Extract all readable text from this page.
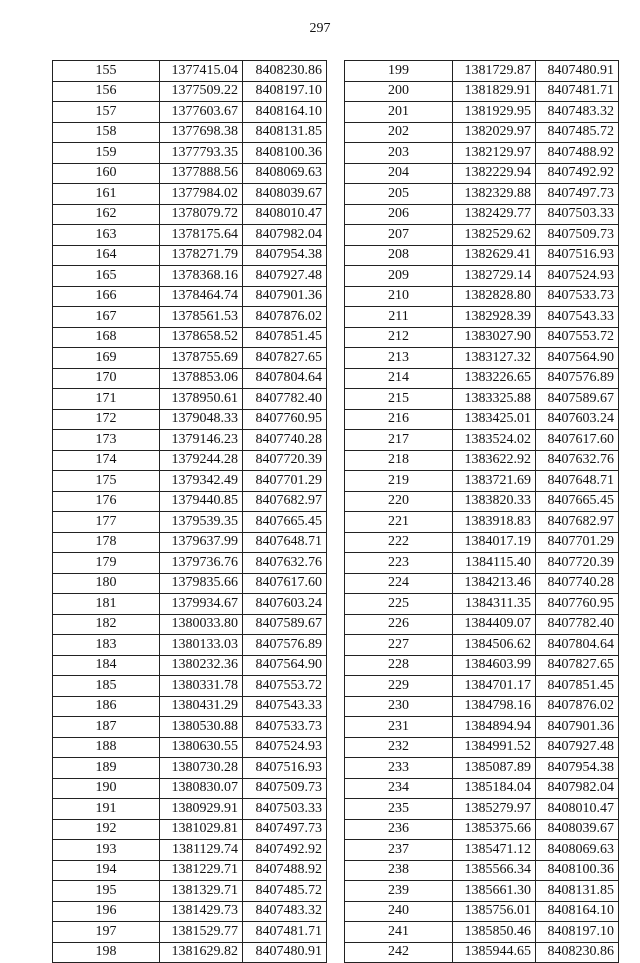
297
155	1377415.04	8408230.86
156	1377509.22	8408197.10
157	1377603.67	8408164.10
158	1377698.38	8408131.85
159	1377793.35	8408100.36
160	1377888.56	8408069.63
161	1377984.02	8408039.67
162	1378079.72	8408010.47
163	1378175.64	8407982.04
164	1378271.79	8407954.38
165	1378368.16	8407927.48
166	1378464.74	8407901.36
167	1378561.53	8407876.02
168	1378658.52	8407851.45
169	1378755.69	8407827.65
170	1378853.06	8407804.64
171	1378950.61	8407782.40
172	1379048.33	8407760.95
173	1379146.23	8407740.28
174	1379244.28	8407720.39
175	1379342.49	8407701.29
176	1379440.85	8407682.97
177	1379539.35	8407665.45
178	1379637.99	8407648.71
179	1379736.76	8407632.76
180	1379835.66	8407617.60
181	1379934.67	8407603.24
182	1380033.80	8407589.67
183	1380133.03	8407576.89
184	1380232.36	8407564.90
185	1380331.78	8407553.72
186	1380431.29	8407543.33
187	1380530.88	8407533.73
188	1380630.55	8407524.93
189	1380730.28	8407516.93
190	1380830.07	8407509.73
191	1380929.91	8407503.33
192	1381029.81	8407497.73
193	1381129.74	8407492.92
194	1381229.71	8407488.92
195	1381329.71	8407485.72
196	1381429.73	8407483.32
197	1381529.77	8407481.71
198	1381629.82	8407480.91
199	1381729.87	8407480.91
200	1381829.91	8407481.71
201	1381929.95	8407483.32
202	1382029.97	8407485.72
203	1382129.97	8407488.92
204	1382229.94	8407492.92
205	1382329.88	8407497.73
206	1382429.77	8407503.33
207	1382529.62	8407509.73
208	1382629.41	8407516.93
209	1382729.14	8407524.93
210	1382828.80	8407533.73
211	1382928.39	8407543.33
212	1383027.90	8407553.72
213	1383127.32	8407564.90
214	1383226.65	8407576.89
215	1383325.88	8407589.67
216	1383425.01	8407603.24
217	1383524.02	8407617.60
218	1383622.92	8407632.76
219	1383721.69	8407648.71
220	1383820.33	8407665.45
221	1383918.83	8407682.97
222	1384017.19	8407701.29
223	1384115.40	8407720.39
224	1384213.46	8407740.28
225	1384311.35	8407760.95
226	1384409.07	8407782.40
227	1384506.62	8407804.64
228	1384603.99	8407827.65
229	1384701.17	8407851.45
230	1384798.16	8407876.02
231	1384894.94	8407901.36
232	1384991.52	8407927.48
233	1385087.89	8407954.38
234	1385184.04	8407982.04
235	1385279.97	8408010.47
236	1385375.66	8408039.67
237	1385471.12	8408069.63
238	1385566.34	8408100.36
239	1385661.30	8408131.85
240	1385756.01	8408164.10
241	1385850.46	8408197.10
242	1385944.65	8408230.86
